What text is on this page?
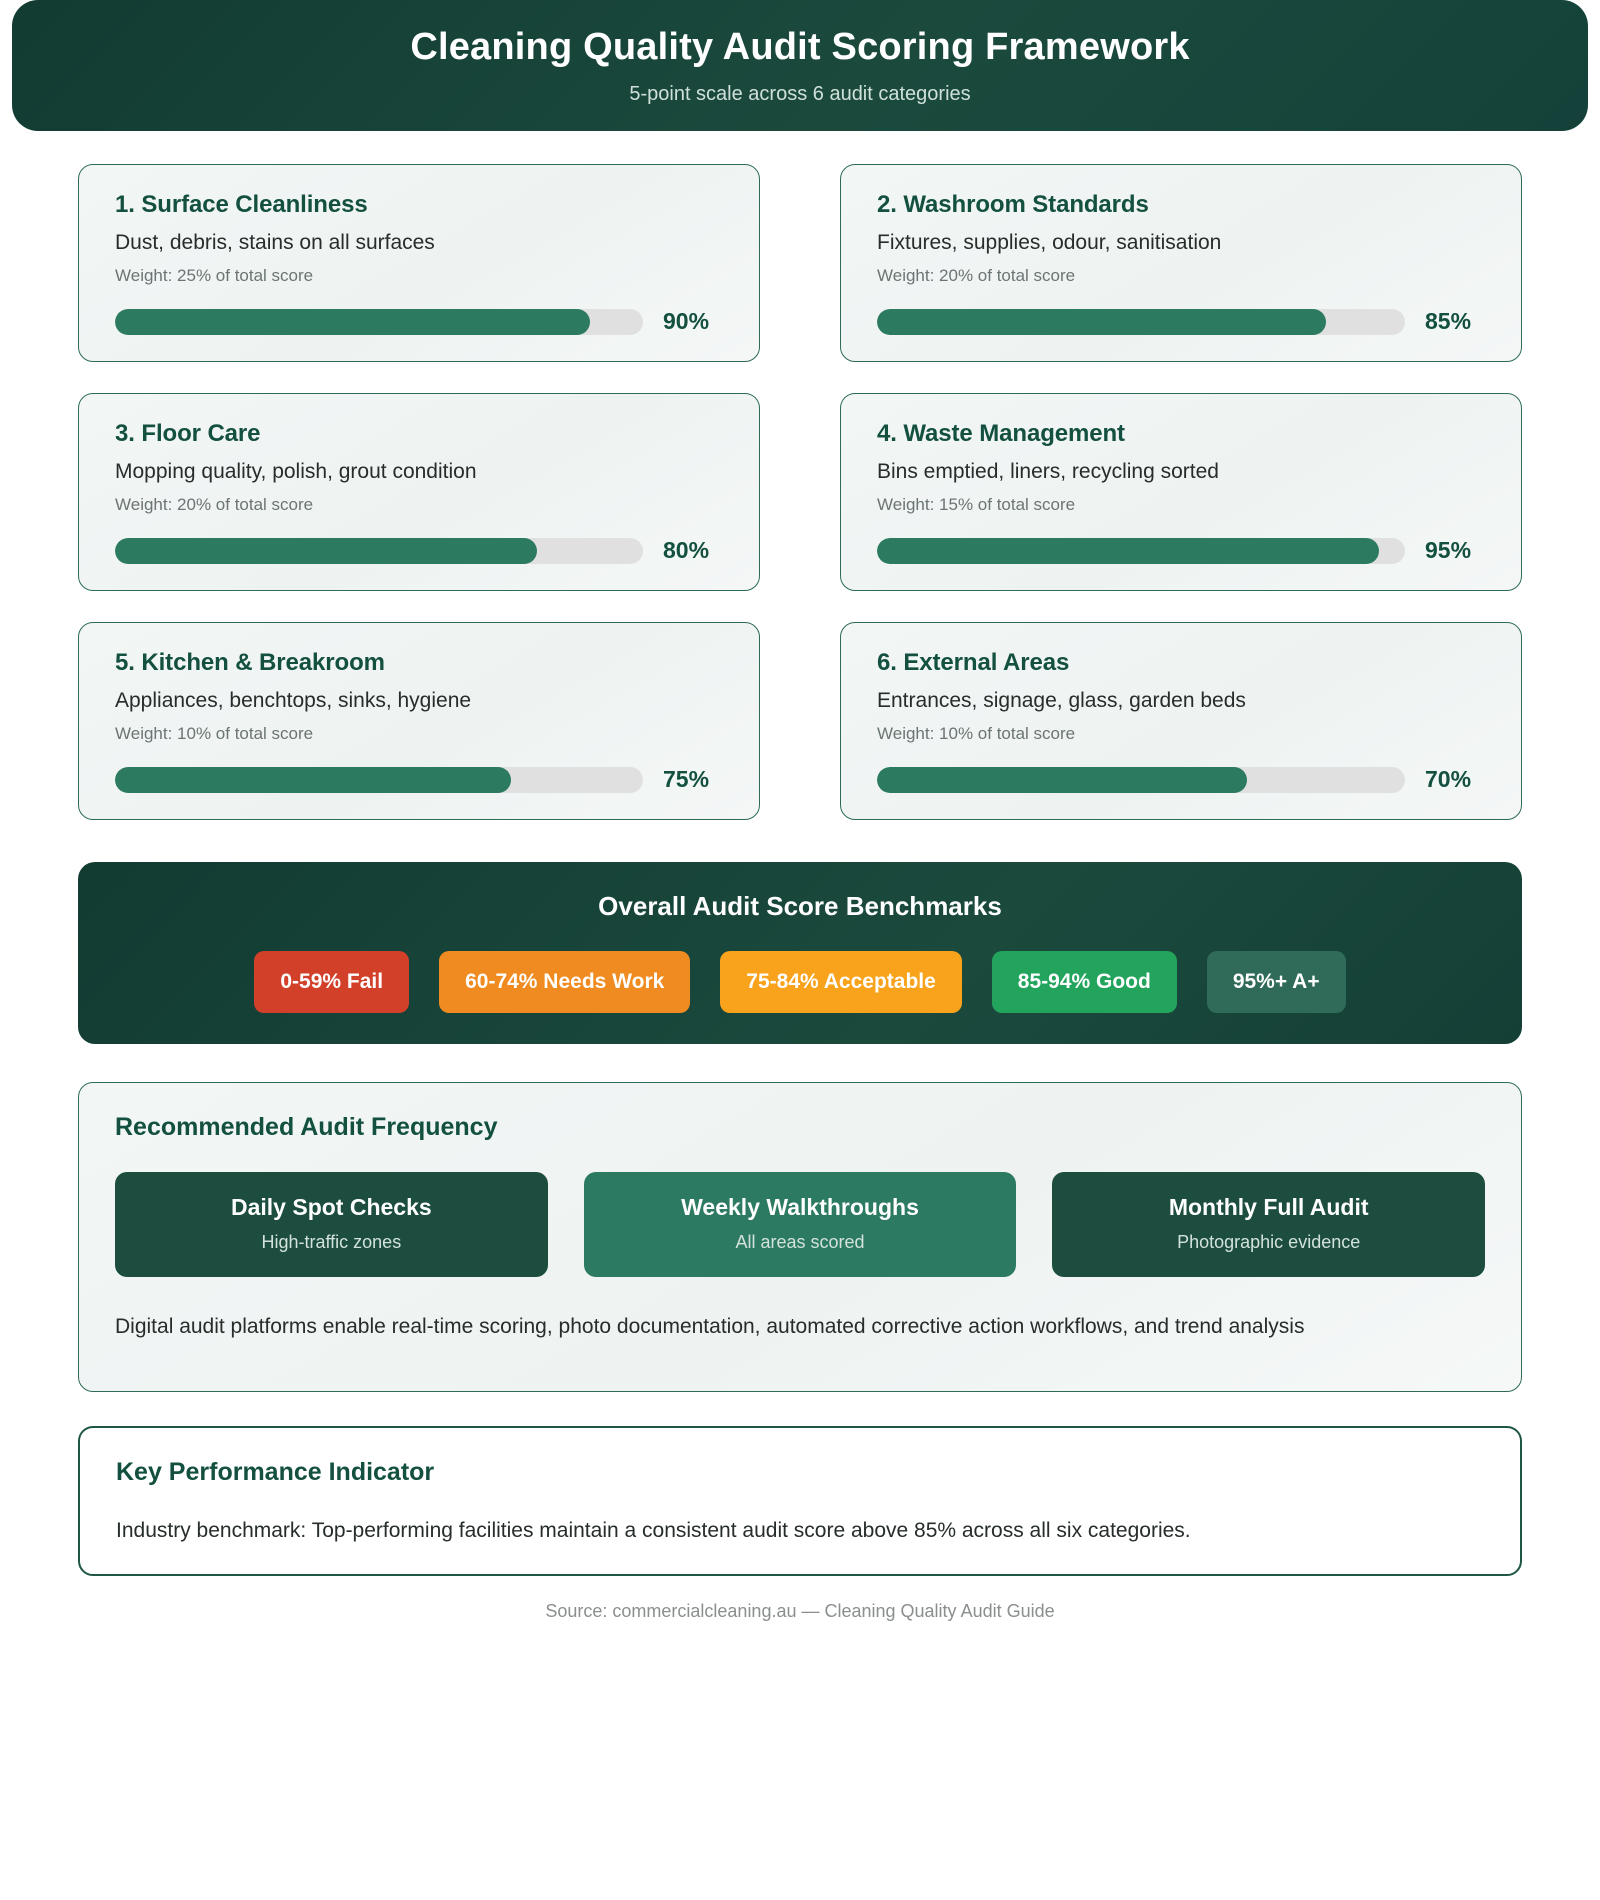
Cleaning Quality Audit Scoring Framework
5-point scale across 6 audit categories
1. Surface Cleanliness
Dust, debris, stains on all surfaces
Weight: 25% of total score
90%
2. Washroom Standards
Fixtures, supplies, odour, sanitisation
Weight: 20% of total score
85%
3. Floor Care
Mopping quality, polish, grout condition
Weight: 20% of total score
80%
4. Waste Management
Bins emptied, liners, recycling sorted
Weight: 15% of total score
95%
5. Kitchen & Breakroom
Appliances, benchtops, sinks, hygiene
Weight: 10% of total score
75%
6. External Areas
Entrances, signage, glass, garden beds
Weight: 10% of total score
70%
Overall Audit Score Benchmarks
0-59% Fail	60-74% Needs Work	75-84% Acceptable	85-94% Good	95%+ A+
Recommended Audit Frequency
Daily Spot Checks
High-traffic zones
Weekly Walkthroughs
All areas scored
Monthly Full Audit
Photographic evidence
Digital audit platforms enable real-time scoring, photo documentation, automated corrective action workflows, and trend analysis
Key Performance Indicator
Industry benchmark: Top-performing facilities maintain a consistent audit score above 85% across all six categories.
Source: commercialcleaning.au — Cleaning Quality Audit Guide
